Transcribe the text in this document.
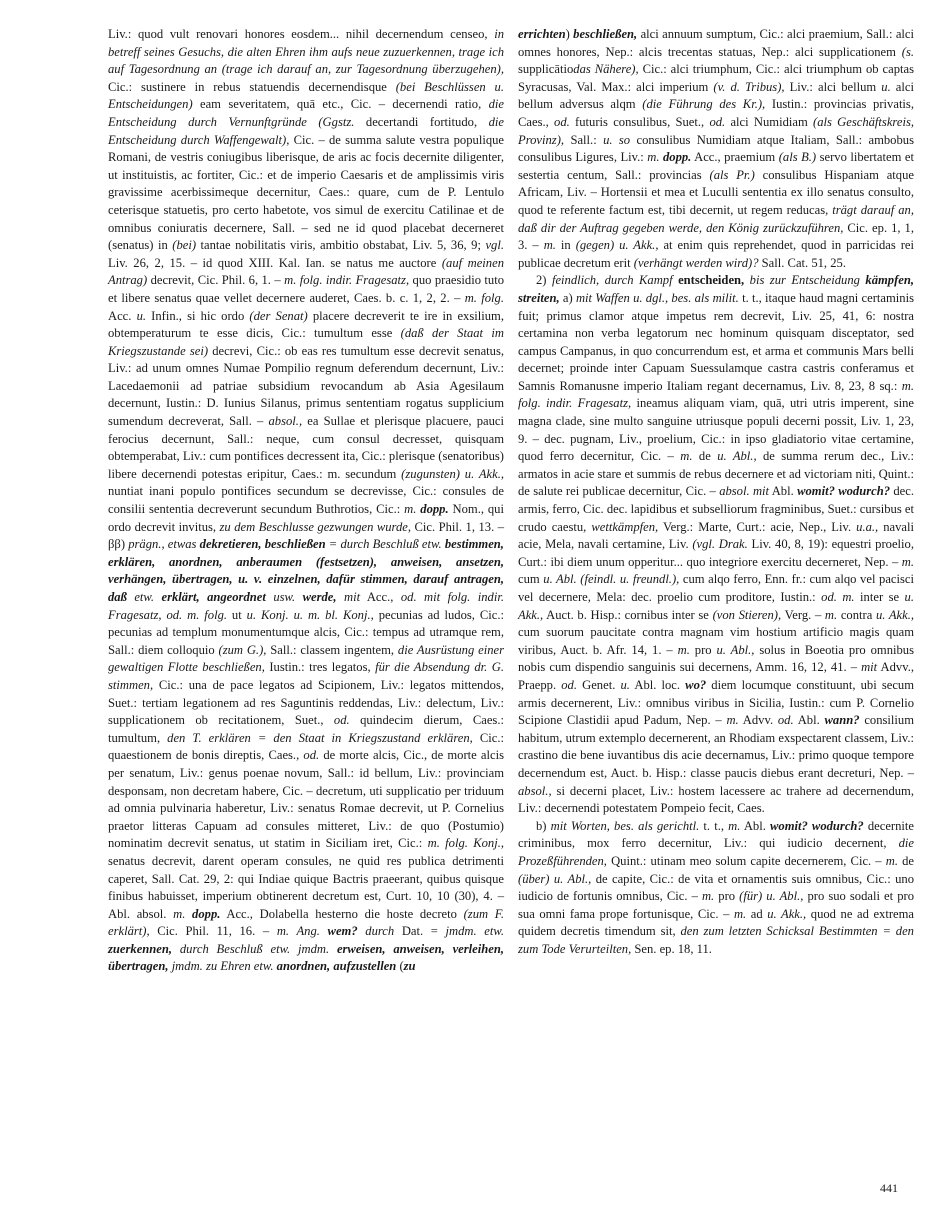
Liv.: quod vult renovari honores eosdem... nihil decernendum censeo, in betreff seines Gesuchs, die alten Ehren ihm aufs neue zuzuerkennen, trage ich auf Tagesordnung an (trage ich darauf an, zur Tagesordnung überzugehen), Cic.: sustinere in rebus statuendis decernendisque (bei Beschlüssen u. Entscheidungen) eam severitatem, quā etc., Cic. – decernendi ratio, die Entscheidung durch Vernunftgründe (Ggstz. decertandi fortitudo, die Entscheidung durch Waffengewalt), Cic. – de summa salute vestra populique Romani, de vestris coniugibus liberisque, de aris ac focis decernite diligenter, ut instituistis, ac fortiter, Cic.: et de imperio Caesaris et de amplissimis viris gravissime acerbissimeque decernitur, Caes.: quare, cum de P. Lentulo ceterisque statuetis, pro certo habetote, vos simul de exercitu Catilinae et de omnibus coniuratis decernere, Sall. – sed ne id quod placebat decerneret (senatus) in (bei) tantae nobilitatis viris, ambitio obstabat, Liv. 5, 36, 9; vgl. Liv. 26, 2, 15. – id quod XIII. Kal. Ian. se natus me auctore (auf meinen Antrag) decrevit, Cic. Phil. 6, 1. – m. folg. indir. Fragesatz, quo praesidio tuto et libere senatus quae vellet decernere auderet, Caes. b. c. 1, 2, 2. – m. folg. Acc. u. Infin., si hic ordo (der Senat) placere decreverit te ire in exsilium, obtemperaturum te esse dicis, Cic.: tumultum esse (daß der Staat im Kriegszustande sei) decrevi, Cic.: ob eas res tumultum esse decrevit senatus, Liv.: ad unum omnes Numae Pompilio regnum deferendum decernunt, Liv.: Lacedaemonii ad patriae subsidium revocandum ab Asia Agesilaum decernunt, Iustin.: D. Iunius Silanus, primus sententiam rogatus supplicium sumendum decreverat, Sall. – absol., ea Sullae et plerisque placuere, pauci ferocius decernunt, Sall.: neque, cum consul decresset, quisquam obtemperabat, Liv.: cum pontifices decressent ita, Cic.: plerisque (senatoribus) libere decernendi potestas eripitur, Caes.: m. secundum (zugunsten) u. Akk., nuntiat inani populo pontifices secundum se decrevisse, Cic.: consules de consilii sententia decreverunt secundum Buthrotios, Cic.: m. dopp. Nom., qui ordo decrevit invitus, zu dem Beschlusse gezwungen wurde, Cic. Phil. 1, 13. – ββ) prägn., etwas dekretieren, beschließen = durch Beschluß etw. bestimmen, erklären, anordnen, anberaumen (festsetzen), anweisen, ansetzen, verhängen, übertragen, u. v. einzelnen, dafür stimmen, darauf antragen, daß etw. erklärt, angeordnet usw. werde, mit Acc., od. mit folg. indir. Fragesatz, od. m. folg. ut u. Konj. u. m. bl. Konj., pecunias ad ludos, Cic.: pecunias ad templum monumentumque alcis, Cic.: tempus ad utramque rem, Sall.: diem colloquio (zum G.), Sall.: classem ingentem, die Ausrüstung einer gewaltigen Flotte beschließen, Iustin.: tres legatos, für die Absendung dr. G. stimmen, Cic.: una de pace legatos ad Scipionem, Liv.: legatos mittendos, Suet.: tertiam legationem ad res Saguntinis reddendas, Liv.: delectum, Liv.: supplicationem ob recitationem, Suet., od. quindecim dierum, Caes.: tumultum, den T. erklären = den Staat in Kriegszustand erklären, Cic.: quaestionem de bonis direptis, Caes., od. de morte alcis, Cic., de morte alcis per senatum, Liv.: genus poenae novum, Sall.: id bellum, Liv.: provinciam desponsam, non decretam habere, Cic. – decretum, uti supplicatio per triduum ad omnia pulvinaria haberetur, Liv.: senatus Romae decrevit, ut P. Cornelius praetor litteras Capuam ad consules mitteret, Liv.: de quo (Postumio) nominatim decrevit senatus, ut statim in Siciliam iret, Cic.: m. folg. Konj., senatus decrevit, darent operam consules, ne quid res publica detrimenti caperet, Sall. Cat. 29, 2: qui Indiae quique Bactris praeerant, quibus quisque finibus habuisset, imperium obtinerent decretum est, Curt. 10, 10 (30), 4. – Abl. absol. m. dopp. Acc., Dolabella hesterno die hoste decreto (zum F. erklärt), Cic. Phil. 11, 16. – m. Ang. wem? durch Dat. = jmdm. etw. zuerkennen, durch Beschluß etw. jmdm. erweisen, anweisen, verleihen, übertragen, jmdm. zu Ehren etw. anordnen, aufzustellen (zu

errichten) beschließen, alci annuum sumptum, Cic.: alci praemium, Sall.: alci omnes honores, Nep.: alcis trecentas statuas, Nep.: alci supplicationem (s. supplicātiodas Nähere), Cic.: alci triumphum, Cic.: alci triumphum ob captas Syracusas, Val. Max.: alci imperium (v. d. Tribus), Liv.: alci bellum u. alci bellum adversus alqm (die Führung des Kr.), Iustin.: provincias privatis, Caes., od. futuris consulibus, Suet., od. alci Numidiam (als Geschäftskreis, Provinz), Sall.: u. so consulibus Numidiam atque Italiam, Sall.: ambobus consulibus Ligures, Liv.: m. dopp. Acc., praemium (als B.) servo libertatem et sestertia centum, Sall.: provincias (als Pr.) consulibus Hispaniam atque Africam, Liv. – Hortensii et mea et Luculli sententia ex illo senatus consulto, quod te referente factum est, tibi decernit, ut regem reducas, trägt darauf an, daß dir der Auftrag gegeben werde, den König zurückzuführen, Cic. ep. 1, 1, 3. – m. in (gegen) u. Akk., at enim quis reprehendet, quod in parricidas rei publicae decretum erit (verhängt werden wird)? Sall. Cat. 51, 25.

2) feindlich, durch Kampf entscheiden, bis zur Entscheidung kämpfen, streiten, a) mit Waffen u. dgl., bes. als milit. t. t., itaque haud magni certaminis fuit; primus clamor atque impetus rem decrevit, Liv. 25, 41, 6: nostra certamina non verba legatorum nec hominum quisquam disceptator, sed campus Campanus, in quo concurrendum est, et arma et communis Mars belli decernet; proinde inter Capuam Suessulamque castra castris conferamus et Samnis Romanusne imperio Italiam regant decernamus, Liv. 8, 23, 8 sq.: m. folg. indir. Fragesatz, ineamus aliquam viam, quā, utri utris imperent, sine magna clade, sine multo sanguine utriusque populi decerni possit, Liv. 1, 23, 9. – dec. pugnam, Liv., proelium, Cic.: in ipso gladiatorio vitae certamine, quod ferro decernitur, Cic. – m. de u. Abl., de summa rerum dec., Liv.: armatos in acie stare et summis de rebus decernere et ad victoriam niti, Quint.: de salute rei publicae decernitur, Cic. – absol. mit Abl. womit? wodurch? dec. armis, ferro, Cic. dec. lapidibus et subselliorum fragminibus, Suet.: cursibus et crudo caestu, wettkämpfen, Verg.: Marte, Curt.: acie, Nep., Liv. u.a., navali acie, Mela, navali certamine, Liv. (vgl. Drak. Liv. 40, 8, 19): equestri proelio, Curt.: ibi diem unum opperitur... quo integriore exercitu decerneret, Nep. – m. cum u. Abl. (feindl. u. freundl.), cum alqo ferro, Enn. fr.: cum alqo vel pacisci vel decernere, Mela: dec. proelio cum proditore, Iustin.: od. m. inter se u. Akk., Auct. b. Hisp.: cornibus inter se (von Stieren), Verg. – m. contra u. Akk., cum suorum paucitate contra magnam vim hostium artificio magis quam viribus, Auct. b. Afr. 14, 1. – m. pro u. Abl., solus in Boeotia pro omnibus nobis cum dispendio sanguinis sui decernens, Amm. 16, 12, 41. – mit Advv., Praepp. od. Genet. u. Abl. loc. wo? diem locumque constituunt, ubi secum armis decernerent, Liv.: omnibus viribus in Sicilia, Iustin.: cum P. Cornelio Scipione Clastidii apud Padum, Nep. – m. Advv. od. Abl. wann? consilium habitum, utrum extemplo decernerent, an Rhodiam exspectarent classem, Liv.: crastino die bene iuvantibus dis acie decernamus, Liv.: primo quoque tempore decernendum est, Auct. b. Hisp.: classe paucis diebus erant decreturi, Nep. – absol., si decerni placet, Liv.: hostem lacessere ac trahere ad decernendum, Liv.: decernendi potestatem Pompeio fecit, Caes.

b) mit Worten, bes. als gerichtl. t. t., m. Abl. womit? wodurch? decernite criminibus, mox ferro decernitur, Liv.: qui iudicio decernent, die Prozeßführenden, Quint.: utinam meo solum capite decernerem, Cic. – m. de (über) u. Abl., de capite, Cic.: de vita et ornamentis suis omnibus, Cic.: uno iudicio de fortunis omnibus, Cic. – m. pro (für) u. Abl., pro suo sodali et pro sua omni fama prope fortunisque, Cic. – m. ad u. Akk., quod ne ad extrema quidem decretis timendum sit, den zum letzten Schicksal Bestimmten = den zum Tode Verurteilten, Sen. ep. 18, 11.

441
